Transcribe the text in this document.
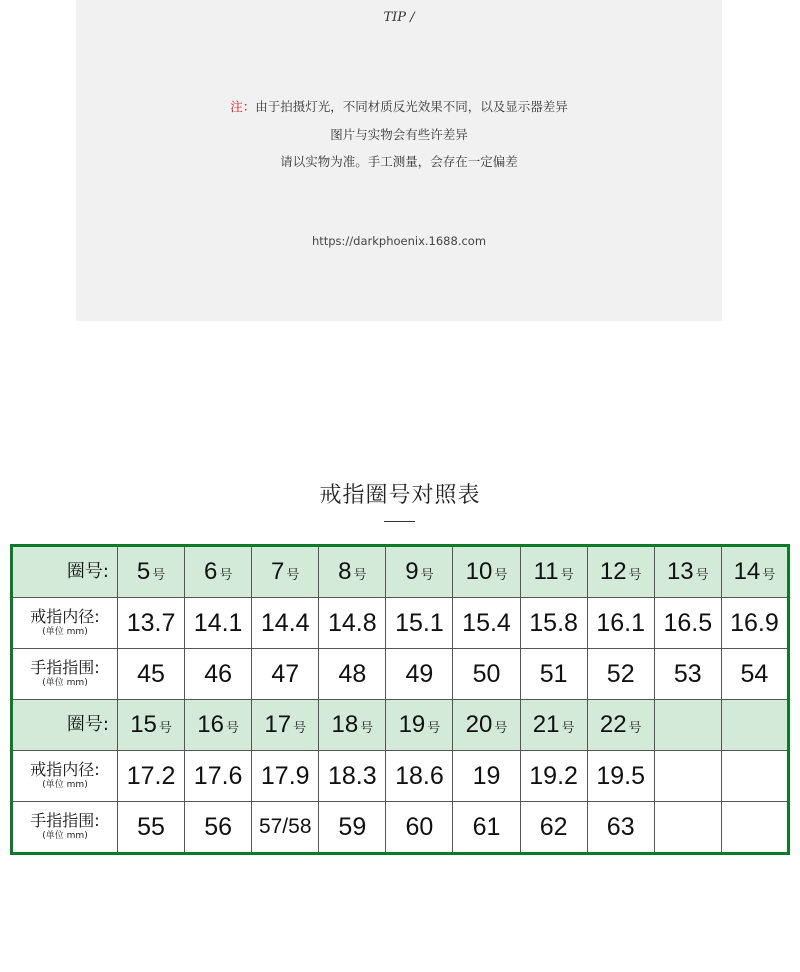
TIP /
注：由于拍摄灯光，不同材质反光效果不同，以及显示器差异
图片与实物会有些许差异
请以实物为准。手工测量，会存在一定偏差
https://darkphoenix.1688.com
戒指圈号对照表
圈号:	5 号	6 号	7 号	8 号	9 号	10 号	11 号	12 号	13 号	14 号
戒指内径:
(单位 mm)	13.7	14.1	14.4	14.8	15.1	15.4	15.8	16.1	16.5	16.9
手指指围:
(单位 mm)	45	46	47	48	49	50	51	52	53	54
圈号:	15 号	16 号	17 号	18 号	19 号	20 号	21 号	22 号		
戒指内径:
(单位 mm)	17.2	17.6	17.9	18.3	18.6	19	19.2	19.5		
手指指围:
(单位 mm)	55	56	57/58	59	60	61	62	63		
